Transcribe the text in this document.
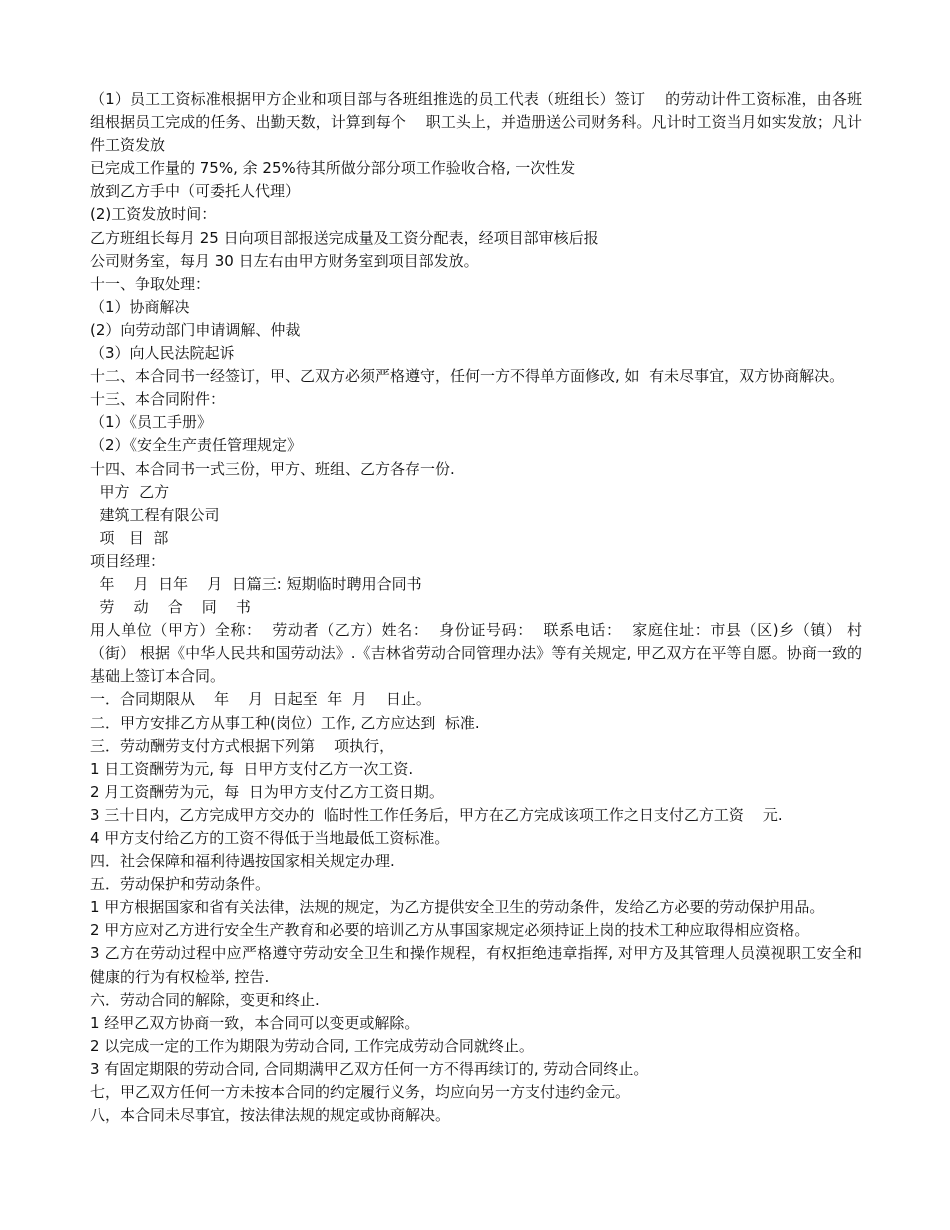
（1）员工工资标准根据甲方企业和项目部与各班组推选的员工代表（班组长）签订　 的劳动计件工资标准，由各班组根据员工完成的任务、出勤天数，计算到每个　 职工头上，并造册送公司财务科。凡计时工资当月如实发放；凡计件工资发放

已完成工作量的 75%, 余 25%待其所做分部分项工作验收合格, 一次性发

放到乙方手中（可委托人代理）

(2)工资发放时间：

乙方班组长每月 25 日向项目部报送完成量及工资分配表，经项目部审核后报

公司财务室，每月 30 日左右由甲方财务室到项目部发放。

十一、争取处理：

（1）协商解决

(2）向劳动部门申请调解、仲裁

（3）向人民法院起诉

十二、本合同书一经签订，甲、乙双方必须严格遵守，任何一方不得单方面修改, 如  有未尽事宜，双方协商解决。

十三、本合同附件：

（1）《员工手册》

（2）《安全生产责任管理规定》

十四、本合同书一式三份，甲方、班组、乙方各存一份.

甲方  乙方

建筑工程有限公司

项   目  部

项目经理：

年    月  日年    月  日篇三: 短期临时聘用合同书

劳    动    合    同    书

用人单位（甲方）全称：  劳动者（乙方）姓名：  身份证号码：  联系电话：  家庭住址：市县（区)乡（镇） 村（街） 根据《中华人民共和国劳动法》.《吉林省劳动合同管理办法》等有关规定, 甲乙双方在平等自愿。协商一致的基础上签订本合同。

一．合同期限从    年    月  日起至  年  月    日止。

二．甲方安排乙方从事工种(岗位）工作, 乙方应达到  标准.

三．劳动酬劳支付方式根据下列第    项执行，

1 日工资酬劳为元, 每  日甲方支付乙方一次工资.

2 月工资酬劳为元，每  日为甲方支付乙方工资日期。

3 三十日内，乙方完成甲方交办的  临时性工作任务后，甲方在乙方完成该项工作之日支付乙方工资    元.

4 甲方支付给乙方的工资不得低于当地最低工资标准。

四．社会保障和福利待遇按国家相关规定办理.

五．劳动保护和劳动条件。

1 甲方根据国家和省有关法律，法规的规定，为乙方提供安全卫生的劳动条件，发给乙方必要的劳动保护用品。

2 甲方应对乙方进行安全生产教育和必要的培训乙方从事国家规定必须持证上岗的技术工种应取得相应资格。

3 乙方在劳动过程中应严格遵守劳动安全卫生和操作规程，有权拒绝违章指挥, 对甲方及其管理人员漠视职工安全和健康的行为有权检举, 控告.

六．劳动合同的解除，变更和终止.

1 经甲乙双方协商一致，本合同可以变更或解除。

2 以完成一定的工作为期限为劳动合同, 工作完成劳动合同就终止。

3 有固定期限的劳动合同, 合同期满甲乙双方任何一方不得再续订的, 劳动合同终止。

七，甲乙双方任何一方未按本合同的约定履行义务，均应向另一方支付违约金元。

八，本合同未尽事宜，按法律法规的规定或协商解决。
